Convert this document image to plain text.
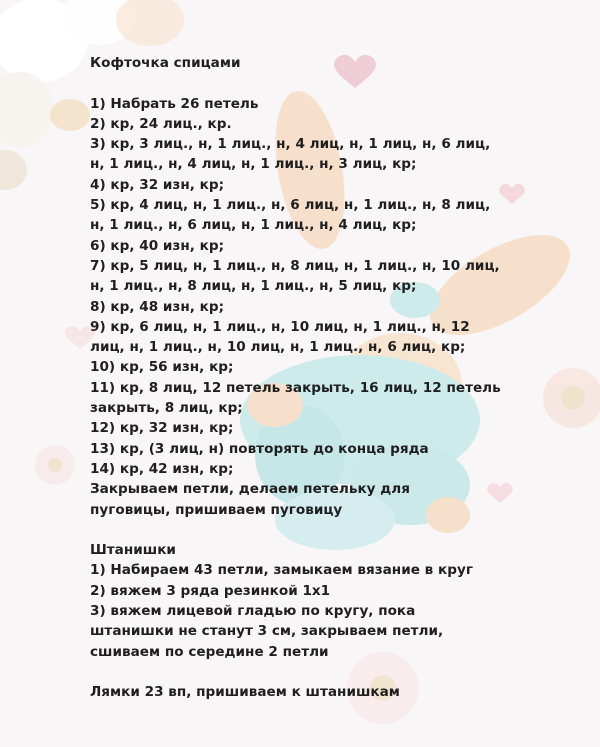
Кофточка спицами
1) Набрать 26 петель
2) кр, 24 лиц., кр.
3) кр, 3 лиц., н, 1 лиц., н, 4 лиц, н, 1 лиц, н, 6 лиц,
н, 1 лиц., н, 4 лиц, н, 1 лиц., н, 3 лиц, кр;
4) кр, 32 изн, кр;
5) кр, 4 лиц, н, 1 лиц., н, 6 лиц, н, 1 лиц., н, 8 лиц,
н, 1 лиц., н, 6 лиц, н, 1 лиц., н, 4 лиц, кр;
6) кр, 40 изн, кр;
7) кр, 5 лиц, н, 1 лиц., н, 8 лиц, н, 1 лиц., н, 10 лиц,
н, 1 лиц., н, 8 лиц, н, 1 лиц., н, 5 лиц, кр;
8) кр, 48 изн, кр;
9) кр, 6 лиц, н, 1 лиц., н, 10 лиц, н, 1 лиц., н, 12
лиц, н, 1 лиц., н, 10 лиц, н, 1 лиц., н, 6 лиц, кр;
10) кр, 56 изн, кр;
11) кр, 8 лиц, 12 петель закрыть, 16 лиц, 12 петель
закрыть, 8 лиц, кр;
12) кр, 32 изн, кр;
13) кр, (3 лиц, н) повторять до конца ряда
14) кр, 42 изн, кр;
Закрываем петли, делаем петельку для
пуговицы, пришиваем пуговицу
Штанишки
1) Набираем 43 петли, замыкаем вязание в круг
2) вяжем 3 ряда резинкой 1х1
3) вяжем лицевой гладью по кругу, пока
штанишки не станут 3 см, закрываем петли,
сшиваем по середине 2 петли
Лямки 23 вп, пришиваем к штанишкам
